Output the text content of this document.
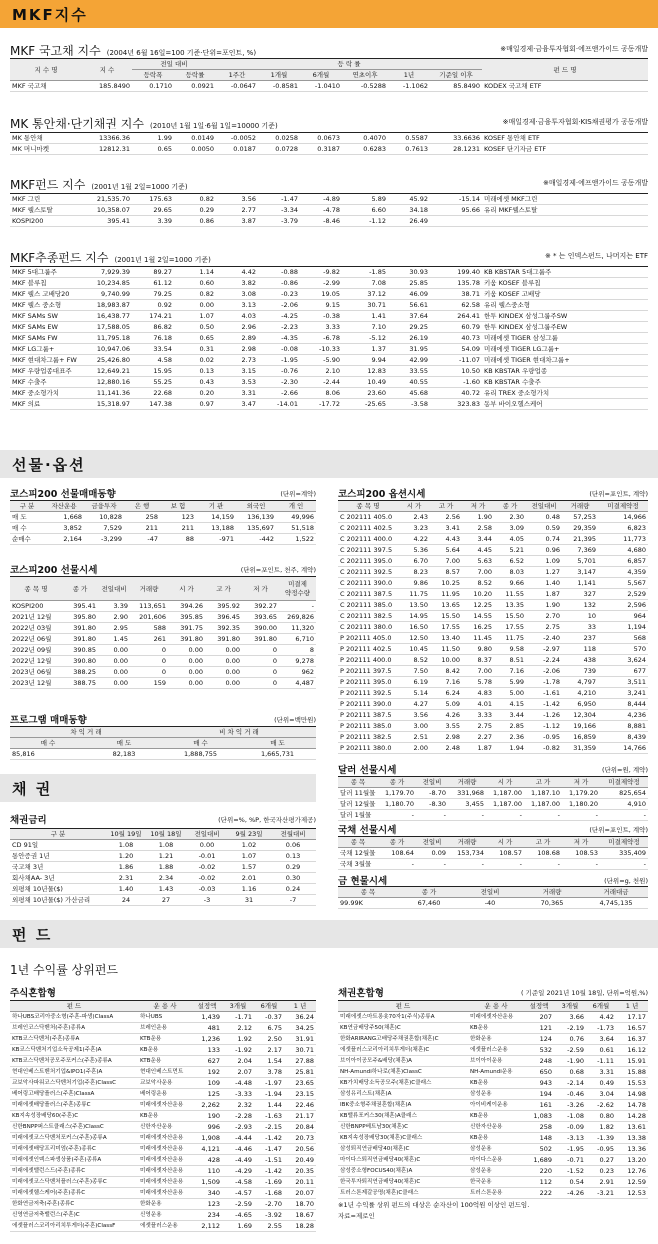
MKF지수
MKF 국고채 지수 (2004년 6월 16일=100 기준·단위=포인트, %)	※매일경제·금융투자협회·에프앤가이드 공동개발
지 수 명	지 수	전일 대비		등 락 률						펀 드 명
		등락폭	등락률	1주간	1개월	6개월	연초이후	1년	기준일 이후	
MKF 국고채	185.8490	0.1710	0.0921	-0.0647	-0.8581	-1.0410	-0.5288	-1.1062	85.8490	KODEX 국고채 ETF
MK 통안채·단기채권 지수 (2010년 1월 1일·6월 1일=10000 기준)	※매일경제·금융투자협회·KIS채권평가 공동개발
MK 통안채	13366.36	1.99	0.0149	-0.0052	0.0258	0.0673	0.4070	0.5587	33.6636	KOSEF 통안채 ETF
MK 머니마켓	12812.31	0.65	0.0050	0.0187	0.0728	0.3187	0.6283	0.7613	28.1231	KOSEF 단기자금 ETF
MKF펀드 지수 (2001년 1월 2일=1000 기준)	※매일경제·에프앤가이드 공동개발
MKF 그린	21,535.70	175.63	0.82	3.56	-1.47	-4.89	5.89	45.92	-15.14	미래에셋 MKF그린
MKF 웰스토탈	10,358.07	29.65	0.29	2.77	-3.34	-4.78	6.60	34.18	95.66	유리 MKF웰스토탈
KOSPI200	395.41	3.39	0.86	3.87	-3.79	-8.46	-1.12	26.49		
MKF추종펀드 지수 (2001년 1월 2일=1000 기준)	※ * 는 인덱스펀드, 나머지는 ETF
MKF 5대그룹주	7,929.39	89.27	1.14	4.42	-0.88	-9.82	-1.85	30.93	199.40	KB KBSTAR 5대그룹주
MKF 블루칩	10,234.85	61.12	0.60	3.82	-0.86	-2.99	7.08	25.85	135.78	키움 KOSEF 블루칩
MKF 웰스 고배당20	9,740.99	79.25	0.82	3.08	-0.23	19.05	37.12	46.09	38.71	키움 KOSEF 고배당
MKF 웰스 중소형	18,983.87	0.92	0.00	3.13	-2.06	9.15	30.71	56.61	62.58	유리 웰스중소형
MKF SAMs SW	16,438.77	174.21	1.07	4.03	-4.25	-0.38	1.41	37.64	264.41	한투 KINDEX 삼성그룹주SW
MKF SAMs EW	17,588.05	86.82	0.50	2.96	-2.23	3.33	7.10	29.25	60.79	한투 KINDEX 삼성그룹주EW
MKF SAMs FW	11,795.18	76.18	0.65	2.89	-4.35	-6.78	-5.12	26.19	40.73	미래에셋 TIGER 삼성그룹
MKF LG그룹+	10,947.06	33.54	0.31	2.98	-0.08	-10.33	1.37	31.95	54.09	미래에셋 TIGER LG그룹+
MKF 현대차그룹+ FW	25,426.80	4.58	0.02	2.73	-1.95	-5.90	9.94	42.99	-11.07	미래에셋 TIGER 현대차그룹+
MKF 우량업종대표주	12,649.21	15.95	0.13	3.15	-0.76	2.10	12.83	33.55	10.50	KB KBSTAR 우량업종
MKF 수출주	12,880.16	55.25	0.43	3.53	-2.30	-2.44	10.49	40.55	-1.60	KB KBSTAR 수출주
MKF 중소형가치	11,141.36	22.68	0.20	3.31	-2.66	8.06	23.60	45.68	40.72	유리 TREX 중소형가치
MKF 의료	15,318.97	147.38	0.97	3.47	-14.01	-17.72	-25.65	-3.58	323.83	동부 바이오헬스케어
선물·옵션
코스피200 선물매매동향	(단위=계약)
구 분	자산운용	금융투자	은 행	보 험	기 관	외국인	개 인
매 도	1,668	10,828	258	123	14,159	136,139	49,996
매 수	3,852	7,529	211	211	13,188	135,697	51,518
순매수	2,164	-3,299	-47	88	-971	-442	1,522
코스피200 선물시세	(단위=포인트, 천주, 계약)
종 목 명	종 가	전일대비	거래량	시 가	고 가	저 가	미결제
약정수량
KOSPI200	395.41	3.39	113,651	394.26	395.92	392.27	-
2021년 12월	395.80	2.90	201,606	395.85	396.45	393.65	269,826
2022년 03월	391.80	2.95	588	391.75	392.35	390.00	11,320
2022년 06월	391.80	1.45	261	391.80	391.80	391.80	6,710
2022년 09월	390.85	0.00	0	0.00	0.00	0	8
2022년 12월	390.80	0.00	0	0.00	0.00	0	9,278
2023년 06월	388.25	0.00	0	0.00	0.00	0	962
2023년 12월	388.75	0.00	159	0.00	0.00	0	4,487
프로그램 매매동향	(단위=백만원)
차 익 거 래		비 차 익 거 래	
매 수	매 도	매 수	매 도
85,816	82,183	1,888,755	1,665,731
코스피200 옵션시세	(단위=포인트, 계약)
종 목 명	시 가	고 가	저 가	종 가	전일대비	거래량	미결제약정
C 202111 405.0	2.43	2.56	1.90	2.30	0.48	57,253	14,966
C 202111 402.5	3.23	3.41	2.58	3.09	0.59	29,359	6,823
C 202111 400.0	4.22	4.43	3.44	4.05	0.74	21,395	11,773
C 202111 397.5	5.36	5.64	4.45	5.21	0.96	7,369	4,680
C 202111 395.0	6.70	7.00	5.63	6.52	1.09	5,701	6,857
C 202111 392.5	8.23	8.57	7.00	8.03	1.27	3,147	4,359
C 202111 390.0	9.86	10.25	8.52	9.66	1.40	1,141	5,567
C 202111 387.5	11.75	11.95	10.20	11.55	1.87	327	2,529
C 202111 385.0	13.50	13.65	12.25	13.35	1.90	132	2,596
C 202111 382.5	14.95	15.50	14.55	15.50	2.70	10	964
C 202111 380.0	16.50	17.55	16.25	17.55	2.75	33	1,194
P 202111 405.0	12.50	13.40	11.45	11.75	-2.40	237	568
P 202111 402.5	10.45	11.50	9.80	9.58	-2.97	118	570
P 202111 400.0	8.52	10.00	8.37	8.51	-2.24	438	3,624
P 202111 397.5	7.50	8.42	7.00	7.16	-2.06	739	677
P 202111 395.0	6.19	7.16	5.78	5.99	-1.78	4,797	3,511
P 202111 392.5	5.14	6.24	4.83	5.00	-1.61	4,210	3,241
P 202111 390.0	4.27	5.09	4.01	4.15	-1.42	6,950	8,444
P 202111 387.5	3.56	4.26	3.33	3.44	-1.26	12,304	4,236
P 202111 385.0	3.00	3.55	2.75	2.85	-1.12	19,166	8,881
P 202111 382.5	2.51	2.98	2.27	2.36	-0.95	16,859	8,439
P 202111 380.0	2.00	2.48	1.87	1.94	-0.82	31,359	14,766
달러 선물시세	(단위=원, 계약)
종 목	종 가	전일비	거래량	시 가	고 가	저 가	미결제약정
달러 11월물	1,179.70	-8.70	331,968	1,187.00	1,187.10	1,179.20	825,654
달러 12월물	1,180.70	-8.30	3,455	1,187.00	1,187.00	1,180.20	4,910
달러 1월물	-	-	-	-	-	-	-
국채 선물시세	(단위=포인트, 계약)
종 목	종 가	전일비	거래량	시 가	고 가	저 가	미결제약정
국채 12월물	108.64	0.09	153,734	108.57	108.68	108.53	335,409
국채 3월물	-	-	-	-	-	-	-
금 현물시세	(단위=g, 천원)
종 목	종 가	전일비	거래량	거래대금
99.99K	67,460	-40	70,365	4,745,135
채 권
채권금리	(단위=%, %P, 한국자산평가제공)
구 분	10월 19일	10월 18일	전일대비	9월 23일	전월대비
CD 91일	1.08	1.08	0.00	1.02	0.06
통안증권 1년	1.20	1.21	-0.01	1.07	0.13
국고채 3년	1.86	1.88	-0.02	1.57	0.29
회사채AA- 3년	2.31	2.34	-0.02	2.01	0.30
외평채 10년물($)	1.40	1.43	-0.03	1.16	0.24
외평채 10년물($) 가산금리	24	27	-3	31	-7
펀 드
1년 수익률 상위펀드
주식혼합형
펀 드	운 용 사	설정액	3개월	6개월	1 년
하나UBS코리아중소형(주혼-파생)ClassA	하나UBS	1,439	-1.71	-0.37	36.24
브레인코스닥벤처(주혼)종류A	브레인운용	481	2.12	6.75	34.25
KTB코스닥벤처(주혼)종류A	KTB운용	1,236	1.92	2.50	31.91
KB코스닥벤처기업소득공제1(주혼)A	KB운용	133	-1.92	2.17	30.71
KTB코스닥벤처공모주포커스(주혼)종류A	KTB운용	627	2.04	1.54	27.88
현대인베스트벤처기업&IPO1(주혼)A	현대인베스트먼트	192	2.07	3.78	25.81
교보악사파워코스닥벤처기업(주혼)ClassC	교보악사운용	109	-4.48	-1.97	23.65
베어링고배당플러스(주혼)ClassA	베어링운용	125	-3.33	-1.94	23.15
미래에셋배당플러스(주혼)종류C	미래에셋자산운용	2,262	2.32	1.44	22.46
KB지속성장배당60(주혼)C	KB운용	190	-2.28	-1.63	21.17
신한BNPP퍼스트클래스(주혼)ClassC	신한자산운용	996	-2.93	-2.15	20.84
미래에셋코스닥벤처포커스(주혼)종류A	미래에셋자산운용	1,908	-4.44	-1.42	20.73
미래에셋배당프리미엄(주혼)종류C	미래에셋자산운용	4,121	-4.46	-1.47	20.56
미래에셋인덱스파생상품(주혼)종류A	미래에셋자산운용	428	-4.49	-1.51	20.49
미래에셋밸런스드(주혼)종류C	미래에셋자산운용	110	-4.29	-1.42	20.35
미래에셋코스닥벤처플러스(주혼)종류C	미래에셋자산운용	1,509	-4.58	-1.69	20.11
미래에셋헬스케어(주혼)종류C	미래에셋자산운용	340	-4.57	-1.68	20.07
한화연금저축(주혼)종류C	한화운용	123	-2.59	-2.70	18.70
신영연금저축밸런스(주혼)C	신영운용	234	-4.65	-3.92	18.67
에셋플러스코리아리치투게더(주혼)ClassF	에셋플러스운용	2,112	1.69	2.55	18.28
채권혼합형	( 기준일 2021년 10월 18일, 단위=억원,%)
펀 드	운 용 사	설정액	3개월	6개월	1 년
미래에셋스마트롱숏70자1(주식)종류A	미래에셋자산운용	207	3.66	4.42	17.17
KB연금배당주50(채혼)C	KB운용	121	-2.19	-1.73	16.57
한화ARIRANG고배당주채권혼합(채혼)C	한화운용	124	0.76	3.64	16.37
에셋플러스코리아리치투게더(채혼)C	에셋플러스운용	532	-2.59	0.61	16.12
브이아이공모주&배당(채혼)A	브이아이운용	248	-1.90	-1.11	15.91
NH-Amundi하나로(채혼)ClassC	NH-Amundi운용	650	0.68	3.31	15.88
KB가치배당소득공모주(채혼)C클래스	KB운용	943	-2.14	0.49	15.53
삼성유리스트(채혼)A	삼성운용	194	-0.46	3.04	14.98
IBK중소형주채권혼합(채혼)A	아이비케이운용	161	-3.26	-2.62	14.78
KB밸류포커스30(채혼)A클래스	KB운용	1,083	-1.08	0.80	14.28
신한BNPP베트남30(채혼)C	신한자산운용	258	-0.09	1.82	13.61
KB지속성장배당30(채혼)C클래스	KB운용	148	-3.13	-1.39	13.38
삼성퇴직연금배당40(채혼)C	삼성운용	502	-1.95	-0.95	13.36
마이다스퇴직연금배당40(채혼)C	마이다스운용	1,689	-0.71	0.27	13.20
삼성중소형FOCUS40(채혼)A	삼성운용	220	-1.52	0.23	12.76
한국투자퇴직연금배당40(채혼)C	한국운용	112	0.54	2.91	12.59
트러스톤제갈공명(채혼)C클래스	트러스톤운용	222	-4.26	-3.21	12.53
※1년 수익률 상위 펀드의 대상은 순자산이 100억원 이상인 펀드임.
자료=제로인
